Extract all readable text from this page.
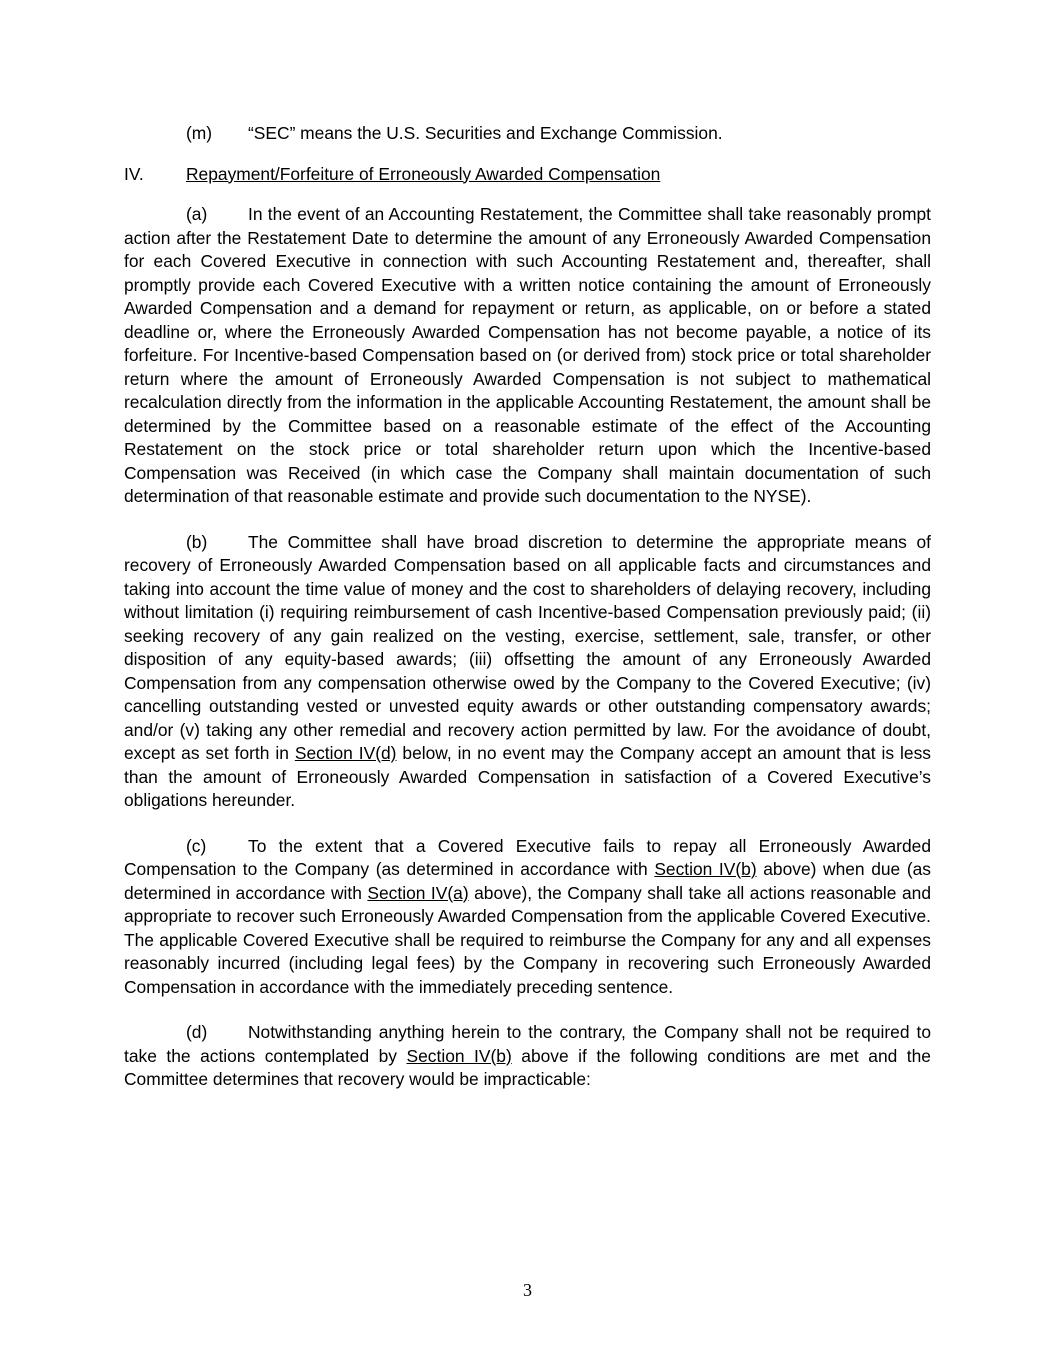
(m) “SEC” means the U.S. Securities and Exchange Commission.

IV. Repayment/Forfeiture of Erroneously Awarded Compensation

(a) In the event of an Accounting Restatement, the Committee shall take reasonably prompt action after the Restatement Date to determine the amount of any Erroneously Awarded Compensation for each Covered Executive in connection with such Accounting Restatement and, thereafter, shall promptly provide each Covered Executive with a written notice containing the amount of Erroneously Awarded Compensation and a demand for repayment or return, as applicable, on or before a stated deadline or, where the Erroneously Awarded Compensation has not become payable, a notice of its forfeiture. For Incentive-based Compensation based on (or derived from) stock price or total shareholder return where the amount of Erroneously Awarded Compensation is not subject to mathematical recalculation directly from the information in the applicable Accounting Restatement, the amount shall be determined by the Committee based on a reasonable estimate of the effect of the Accounting Restatement on the stock price or total shareholder return upon which the Incentive-based Compensation was Received (in which case the Company shall maintain documentation of such determination of that reasonable estimate and provide such documentation to the NYSE).

(b) The Committee shall have broad discretion to determine the appropriate means of recovery of Erroneously Awarded Compensation based on all applicable facts and circumstances and taking into account the time value of money and the cost to shareholders of delaying recovery, including without limitation (i) requiring reimbursement of cash Incentive-based Compensation previously paid; (ii) seeking recovery of any gain realized on the vesting, exercise, settlement, sale, transfer, or other disposition of any equity-based awards; (iii) offsetting the amount of any Erroneously Awarded Compensation from any compensation otherwise owed by the Company to the Covered Executive; (iv) cancelling outstanding vested or unvested equity awards or other outstanding compensatory awards; and/or (v) taking any other remedial and recovery action permitted by law. For the avoidance of doubt, except as set forth in Section IV(d) below, in no event may the Company accept an amount that is less than the amount of Erroneously Awarded Compensation in satisfaction of a Covered Executive’s obligations hereunder.

(c) To the extent that a Covered Executive fails to repay all Erroneously Awarded Compensation to the Company (as determined in accordance with Section IV(b) above) when due (as determined in accordance with Section IV(a) above), the Company shall take all actions reasonable and appropriate to recover such Erroneously Awarded Compensation from the applicable Covered Executive. The applicable Covered Executive shall be required to reimburse the Company for any and all expenses reasonably incurred (including legal fees) by the Company in recovering such Erroneously Awarded Compensation in accordance with the immediately preceding sentence.

(d) Notwithstanding anything herein to the contrary, the Company shall not be required to take the actions contemplated by Section IV(b) above if the following conditions are met and the Committee determines that recovery would be impracticable:

3
